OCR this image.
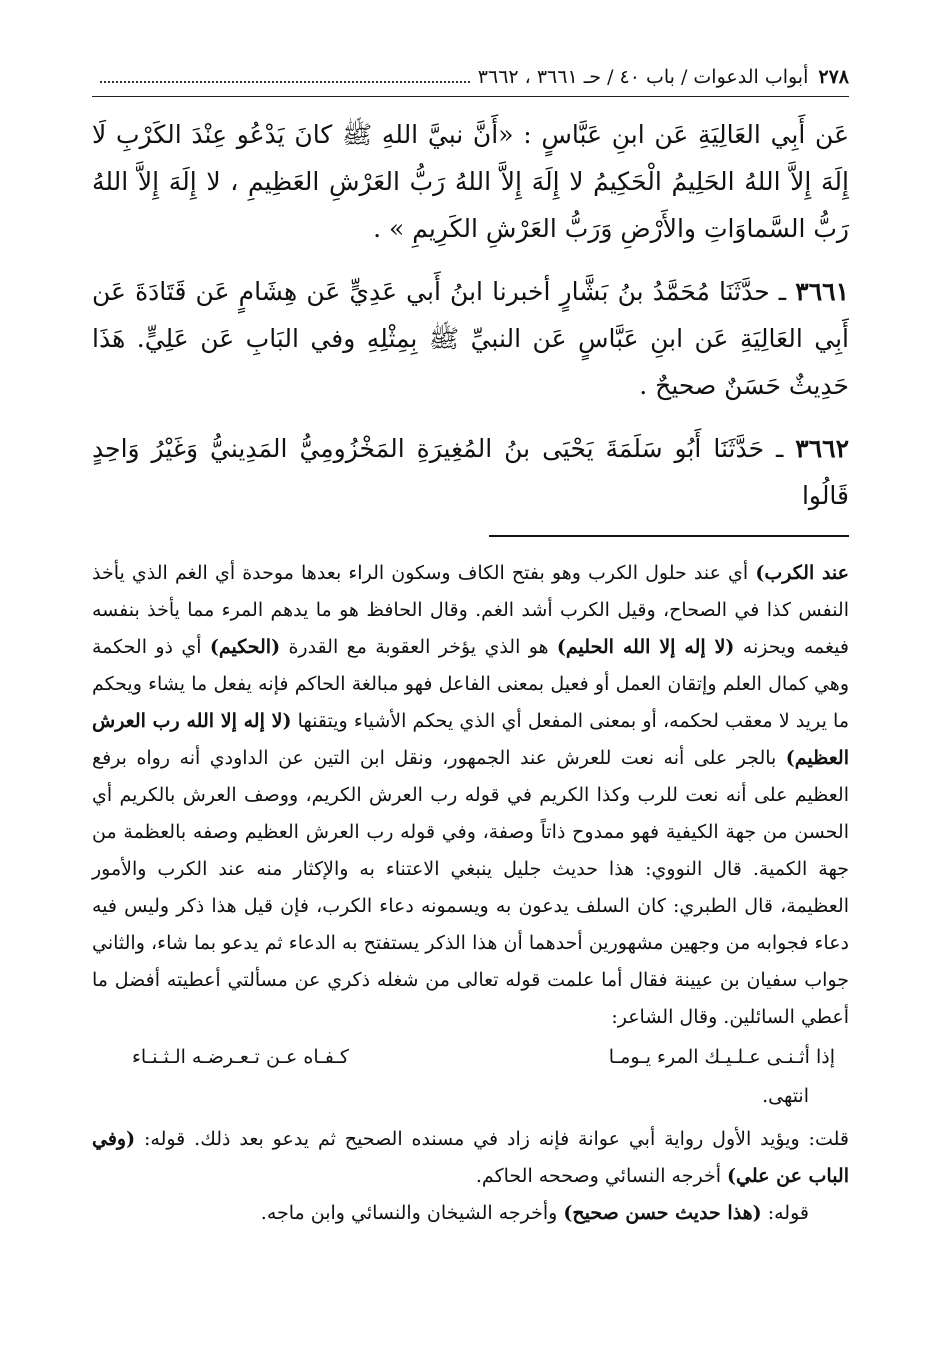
٢٧٨
أبواب الدعوات / باب ٤٠ / حـ ٣٦٦١ ، ٣٦٦٢

عَن أَبِي العَالِيَةِ عَن ابنِ عَبَّاسٍ : «أَنَّ نبيَّ اللهِ ﷺ كانَ يَدْعُو عِنْدَ الكَرْبِ لَا إِلَهَ إِلاَّ اللهُ الحَلِيمُ الْحَكِيمُ لا إِلَهَ إِلاَّ اللهُ رَبُّ العَرْشِ العَظِيمِ ، لا إِلَهَ إِلاَّ اللهُ رَبُّ السَّماوَاتِ والأَرْضِ وَرَبُّ العَرْشِ الكَرِيمِ » .

٣٦٦١ ـ حدَّثَنَا مُحَمَّدُ بنُ بَشَّارٍ أخبرنا ابنُ أَبي عَدِيٍّ عَن هِشَامٍ عَن قَتَادَةَ عَن أَبِي العَالِيَةِ عَن ابنِ عَبَّاسٍ عَن النبيِّ ﷺ بِمِثْلِهِ وفي البَابِ عَن عَلِيٍّ. هَذَا حَدِيثٌ حَسَنٌ صحيحٌ .

٣٦٦٢ ـ حَدَّثَنَا أَبُو سَلَمَةَ يَحْيَى بنُ المُغِيرَةِ المَخْزُومِيُّ المَدِينيُّ وَغَيْرُ وَاحِدٍ قَالُوا

عند الكرب) أي عند حلول الكرب وهو بفتح الكاف وسكون الراء بعدها موحدة أي الغم الذي يأخذ النفس كذا في الصحاح، وقيل الكرب أشد الغم. وقال الحافظ هو ما يدهم المرء مما يأخذ بنفسه فيغمه ويحزنه (لا إله إلا الله الحليم) هو الذي يؤخر العقوبة مع القدرة (الحكيم) أي ذو الحكمة وهي كمال العلم وإتقان العمل أو فعيل بمعنى الفاعل فهو مبالغة الحاكم فإنه يفعل ما يشاء ويحكم ما يريد لا معقب لحكمه، أو بمعنى المفعل أي الذي يحكم الأشياء ويتقنها (لا إله إلا الله رب العرش العظيم) بالجر على أنه نعت للعرش عند الجمهور، ونقل ابن التين عن الداودي أنه رواه برفع العظيم على أنه نعت للرب وكذا الكريم في قوله رب العرش الكريم، ووصف العرش بالكريم أي الحسن من جهة الكيفية فهو ممدوح ذاتاً وصفة، وفي قوله رب العرش العظيم وصفه بالعظمة من جهة الكمية. قال النووي: هذا حديث جليل ينبغي الاعتناء به والإكثار منه عند الكرب والأمور العظيمة، قال الطبري: كان السلف يدعون به ويسمونه دعاء الكرب، فإن قيل هذا ذكر وليس فيه دعاء فجوابه من وجهين مشهورين أحدهما أن هذا الذكر يستفتح به الدعاء ثم يدعو بما شاء، والثاني جواب سفيان بن عيينة فقال أما علمت قوله تعالى من شغله ذكري عن مسألتي أعطيته أفضل ما أعطي السائلين. وقال الشاعر:

إذا أثـنـى عـلـيـك المرء يـومـا
كـفـاه عـن تـعـرضـه الـثـنـاء

انتهى.

قلت: ويؤيد الأول رواية أبي عوانة فإنه زاد في مسنده الصحيح ثم يدعو بعد ذلك. قوله: (وفي الباب عن علي) أخرجه النسائي وصححه الحاكم.

قوله: (هذا حديث حسن صحيح) وأخرجه الشيخان والنسائي وابن ماجه.
